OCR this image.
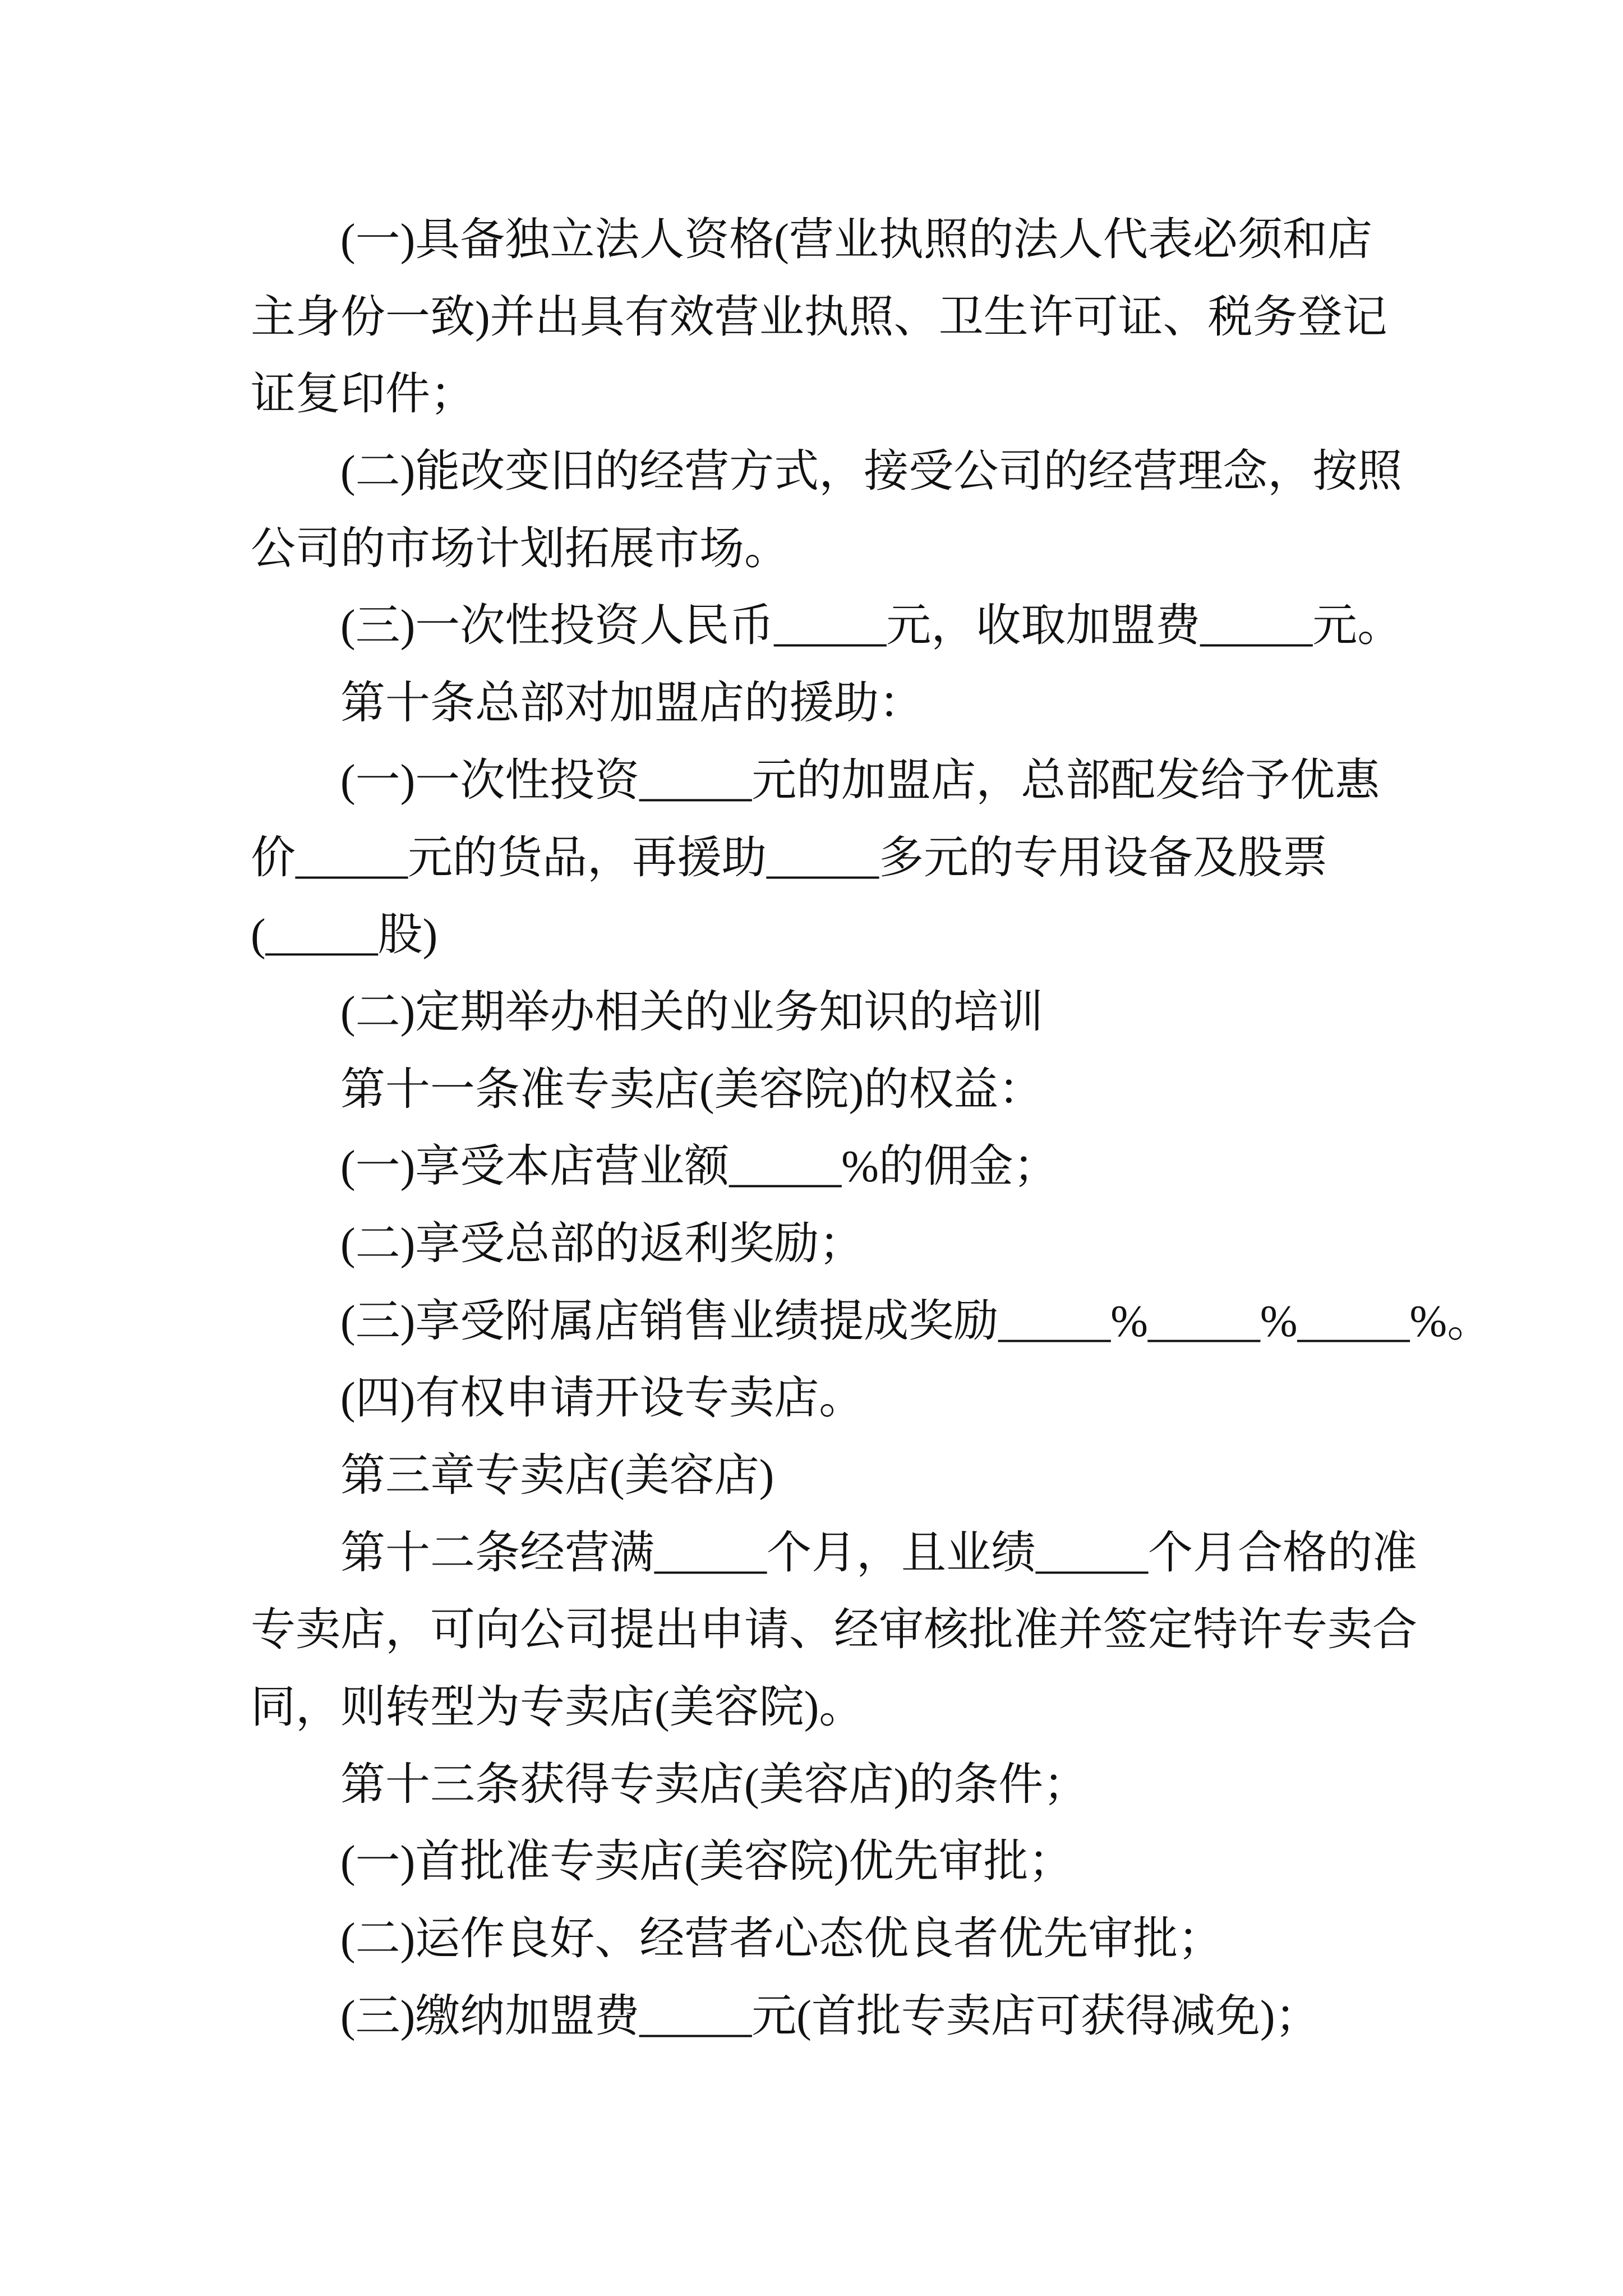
(一)具备独立法人资格(营业执照的法人代表必须和店
主身份一致)并出具有效营业执照、卫生许可证、税务登记
证复印件；
(二)能改变旧的经营方式，接受公司的经营理念，按照
公司的市场计划拓展市场。
(三)一次性投资人民币_____元，收取加盟费_____元。
第十条总部对加盟店的援助：
(一)一次性投资_____元的加盟店，总部配发给予优惠
价_____元的货品，再援助_____多元的专用设备及股票
(_____股)
(二)定期举办相关的业务知识的培训
第十一条准专卖店(美容院)的权益：
(一)享受本店营业额_____%的佣金；
(二)享受总部的返利奖励；
(三)享受附属店销售业绩提成奖励_____%_____%_____%。
(四)有权申请开设专卖店。
第三章专卖店(美容店)
第十二条经营满_____个月，且业绩_____个月合格的准
专卖店，可向公司提出申请、经审核批准并签定特许专卖合
同，则转型为专卖店(美容院)。
第十三条获得专卖店(美容店)的条件；
(一)首批准专卖店(美容院)优先审批；
(二)运作良好、经营者心态优良者优先审批；
(三)缴纳加盟费_____元(首批专卖店可获得减免)；
